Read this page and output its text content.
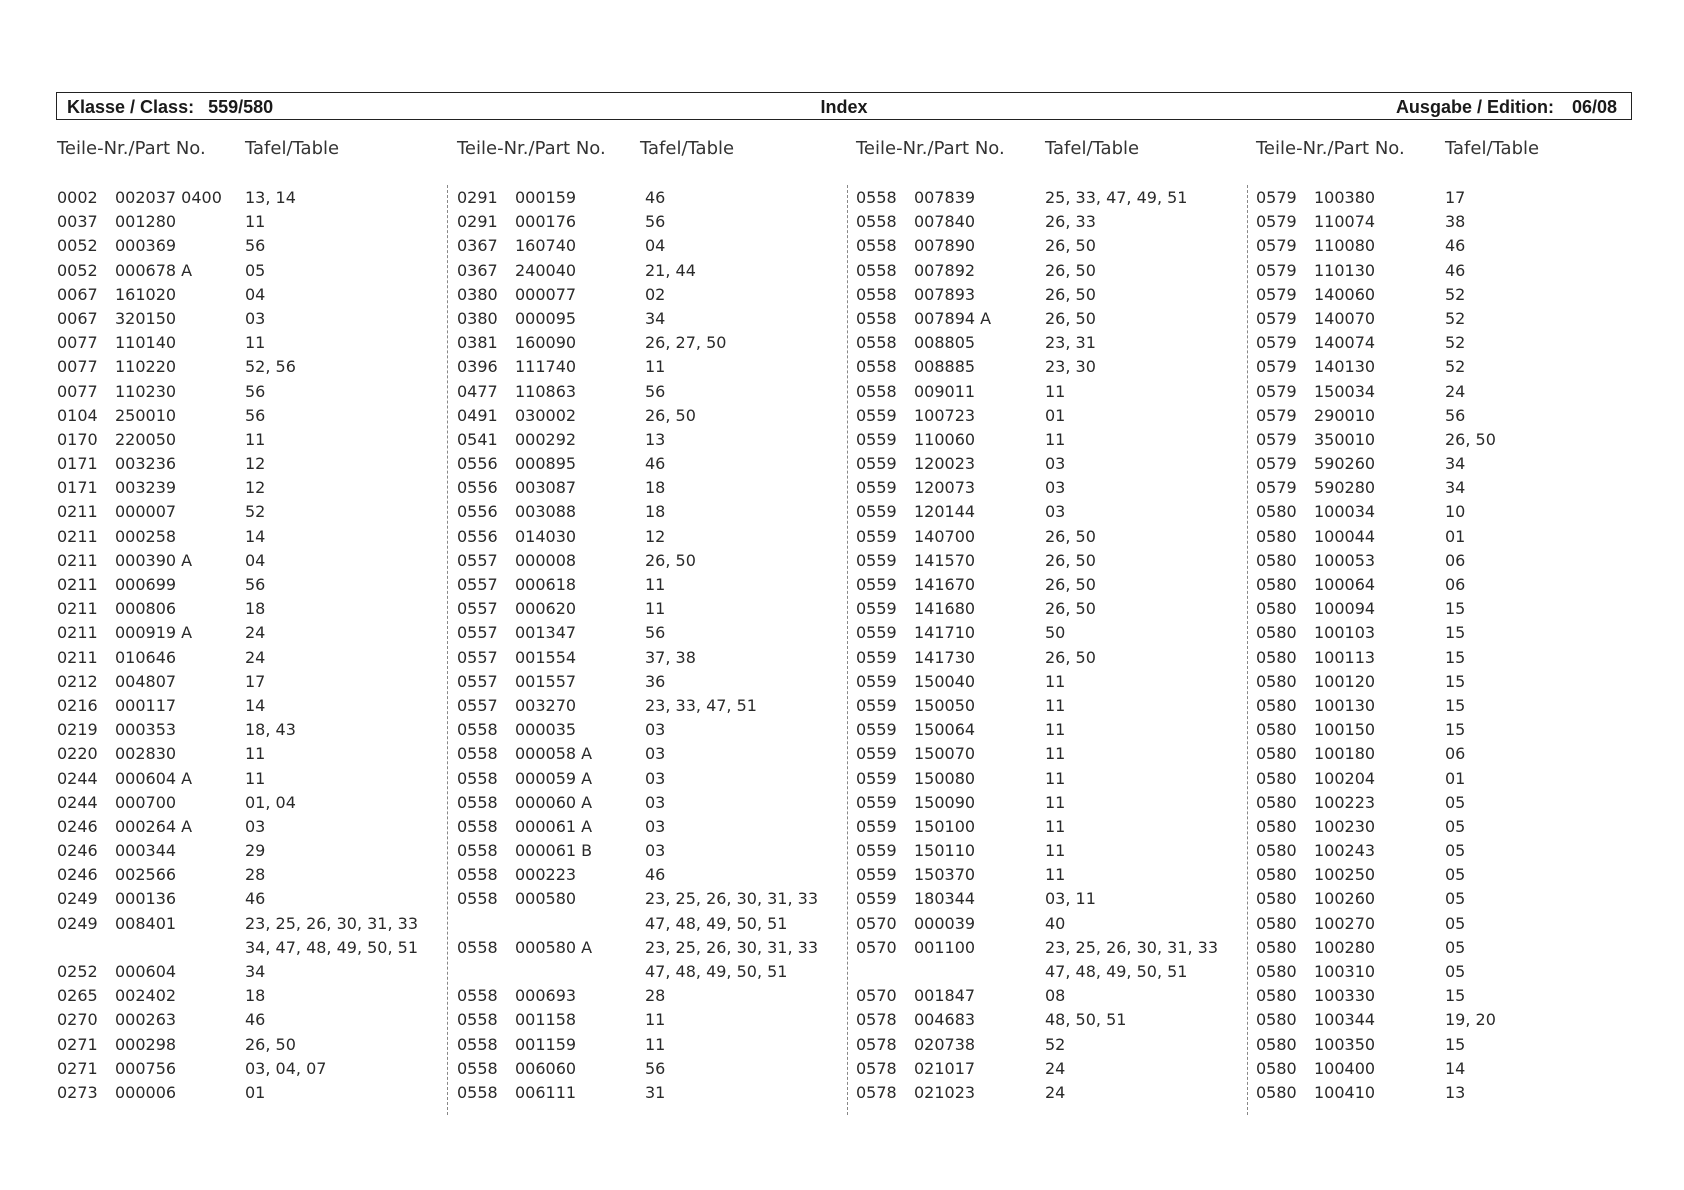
Klasse / Class: 559/580	Index	Ausgabe / Edition: 06/08
Teile-Nr./Part No. Tafel/Table
0002 002037 0400 13, 14
0037 001280	11
0052 000369	56
0052 000678 A	05
0067 161020	04
0067 320150	03
0077 110140	11
0077 110220	52, 56
0077 110230	56
0104 250010	56
0170 220050	11
0171 003236	12
0171 003239	12
0211 000007	52
0211 000258	14
0211 000390 A	04
0211 000699	56
0211 000806	18
0211 000919 A	24
0211 010646	24
0212 004807	17
0216 000117	14
0219 000353	18, 43
0220 002830	11
0244 000604 A	11
0244 000700	01, 04
0246 000264 A	03
0246 000344	29
0246 002566	28
0249 000136	46
0249 008401	23, 25, 26, 30, 31, 33
34, 47, 48, 49, 50, 51
0252 000604	34
0265 002402	18
0270 000263	46
0271 000298	26, 50
0271 000756	03, 04, 07
0273 000006	01
Teile-Nr./Part No. Tafel/Table
0291 000159	46
0291 000176	56
0367 160740	04
0367 240040	21, 44
0380 000077	02
0380 000095	34
0381 160090	26, 27, 50
0396 111740	11
0477 110863	56
0491 030002	26, 50
0541 000292	13
0556 000895	46
0556 003087	18
0556 003088	18
0556 014030	12
0557 000008	26, 50
0557 000618	11
0557 000620	11
0557 001347	56
0557 001554	37, 38
0557 001557	36
0557 003270	23, 33, 47, 51
0558 000035	03
0558 000058 A	03
0558 000059 A	03
0558 000060 A	03
0558 000061 A	03
0558 000061 B	03
0558 000223	46
0558 000580	23, 25, 26, 30, 31, 33
47, 48, 49, 50, 51
0558 000580 A	23, 25, 26, 30, 31, 33
47, 48, 49, 50, 51
0558 000693	28
0558 001158	11
0558 001159	11
0558 006060	56
0558 006111	31
Teile-Nr./Part No. Tafel/Table
0558 007839	25, 33, 47, 49, 51
0558 007840	26, 33
0558 007890	26, 50
0558 007892	26, 50
0558 007893	26, 50
0558 007894 A	26, 50
0558 008805	23, 31
0558 008885	23, 30
0558 009011	11
0559 100723	01
0559 110060	11
0559 120023	03
0559 120073	03
0559 120144	03
0559 140700	26, 50
0559 141570	26, 50
0559 141670	26, 50
0559 141680	26, 50
0559 141710	50
0559 141730	26, 50
0559 150040	11
0559 150050	11
0559 150064	11
0559 150070	11
0559 150080	11
0559 150090	11
0559 150100	11
0559 150110	11
0559 150370	11
0559 180344	03, 11
0570 000039	40
0570 001100	23, 25, 26, 30, 31, 33
47, 48, 49, 50, 51
0570 001847	08
0578 004683	48, 50, 51
0578 020738	52
0578 021017	24
0578 021023	24
Teile-Nr./Part No. Tafel/Table
0579 100380	17
0579 110074	38
0579 110080	46
0579 110130	46
0579 140060	52
0579 140070	52
0579 140074	52
0579 140130	52
0579 150034	24
0579 290010	56
0579 350010	26, 50
0579 590260	34
0579 590280	34
0580 100034	10
0580 100044	01
0580 100053	06
0580 100064	06
0580 100094	15
0580 100103	15
0580 100113	15
0580 100120	15
0580 100130	15
0580 100150	15
0580 100180	06
0580 100204	01
0580 100223	05
0580 100230	05
0580 100243	05
0580 100250	05
0580 100260	05
0580 100270	05
0580 100280	05
0580 100310	05
0580 100330	15
0580 100344	19, 20
0580 100350	15
0580 100400	14
0580 100410	13
